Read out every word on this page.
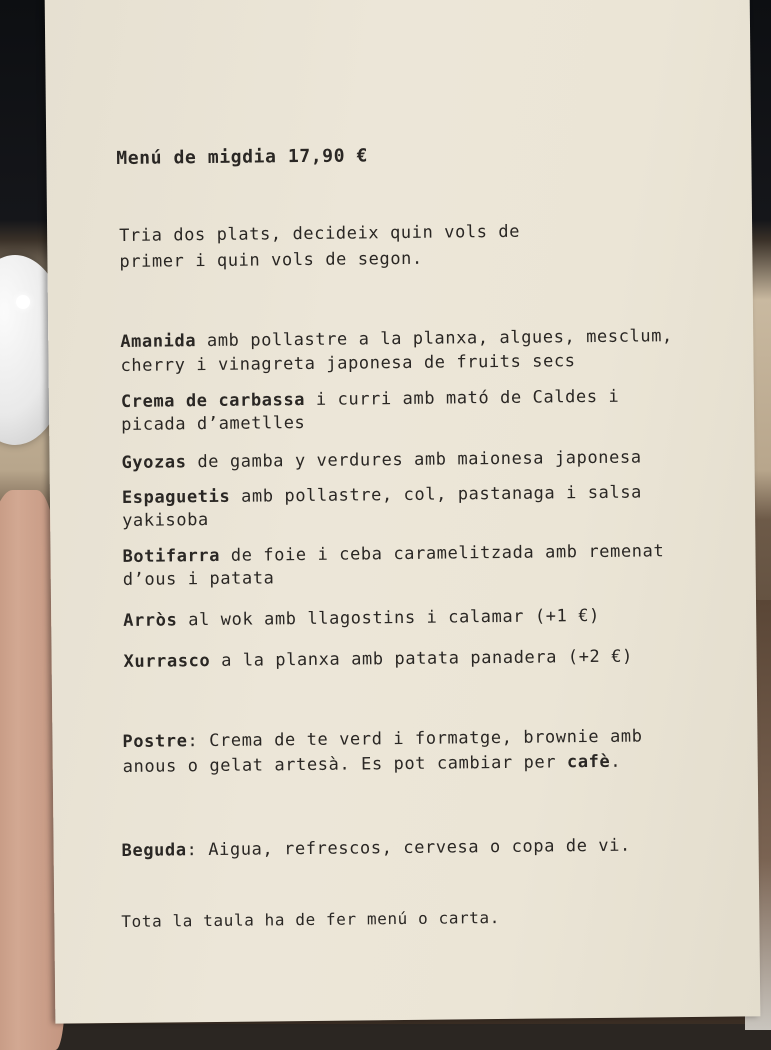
Menú de migdia 17,90 €

Tria dos plats, decideix quin vols de

primer i quin vols de segon.

Amanida amb pollastre a la planxa, algues, mesclum,

cherry i vinagreta japonesa de fruits secs

Crema de carbassa i curri amb mató de Caldes i

picada d’ametlles

Gyozas de gamba y verdures amb maionesa japonesa

Espaguetis amb pollastre, col, pastanaga i salsa

yakisoba

Botifarra de foie i ceba caramelitzada amb remenat

d’ous i patata

Arròs al wok amb llagostins i calamar (+1 €)

Xurrasco a la planxa amb patata panadera (+2 €)

Postre: Crema de te verd i formatge, brownie amb

anous o gelat artesà. Es pot cambiar per cafè.

Beguda: Aigua, refrescos, cervesa o copa de vi.

Tota la taula ha de fer menú o carta.
